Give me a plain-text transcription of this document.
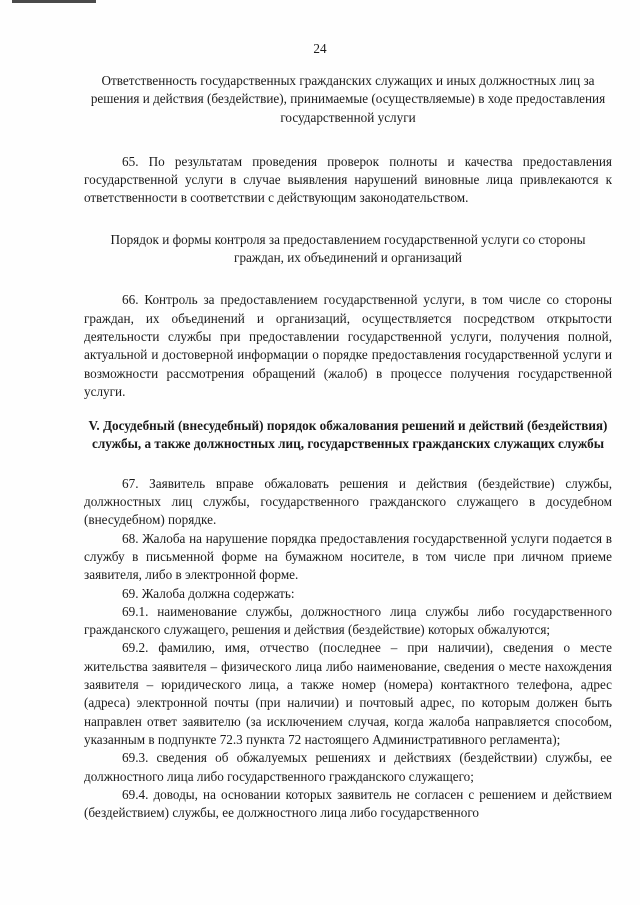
24

Ответственность государственных гражданских служащих и иных должностных лиц за решения и действия (бездействие), принимаемые (осуществляемые) в ходе предоставления государственной услуги

65. По результатам проведения проверок полноты и качества предоставления государственной услуги в случае выявления нарушений виновные лица привлекаются к ответственности в соответствии с действующим законодательством.

Порядок и формы контроля за предоставлением государственной услуги со стороны граждан, их объединений и организаций

66. Контроль за предоставлением государственной услуги, в том числе со стороны граждан, их объединений и организаций, осуществляется посредством открытости деятельности службы при предоставлении государственной услуги, получения полной, актуальной и достоверной информации о порядке предоставления государственной услуги и возможности рассмотрения обращений (жалоб) в процессе получения государственной услуги.

V. Досудебный (внесудебный) порядок обжалования решений и действий (бездействия) службы, а также должностных лиц, государственных гражданских служащих службы

67. Заявитель вправе обжаловать решения и действия (бездействие) службы, должностных лиц службы, государственного гражданского служащего в досудебном (внесудебном) порядке.

68. Жалоба на нарушение порядка предоставления государственной услуги подается в службу в письменной форме на бумажном носителе, в том числе при личном приеме заявителя, либо в электронной форме.

69. Жалоба должна содержать:

69.1. наименование службы, должностного лица службы либо государственного гражданского служащего, решения и действия (бездействие) которых обжалуются;

69.2. фамилию, имя, отчество (последнее – при наличии), сведения о месте жительства заявителя – физического лица либо наименование, сведения о месте нахождения заявителя – юридического лица, а также номер (номера) контактного телефона, адрес (адреса) электронной почты (при наличии) и почтовый адрес, по которым должен быть направлен ответ заявителю (за исключением случая, когда жалоба направляется способом, указанным в подпункте 72.3 пункта 72 настоящего Административного регламента);

69.3. сведения об обжалуемых решениях и действиях (бездействии) службы, ее должностного лица либо государственного гражданского служащего;

69.4. доводы, на основании которых заявитель не согласен с решением и действием (бездействием) службы, ее должностного лица либо государственного
